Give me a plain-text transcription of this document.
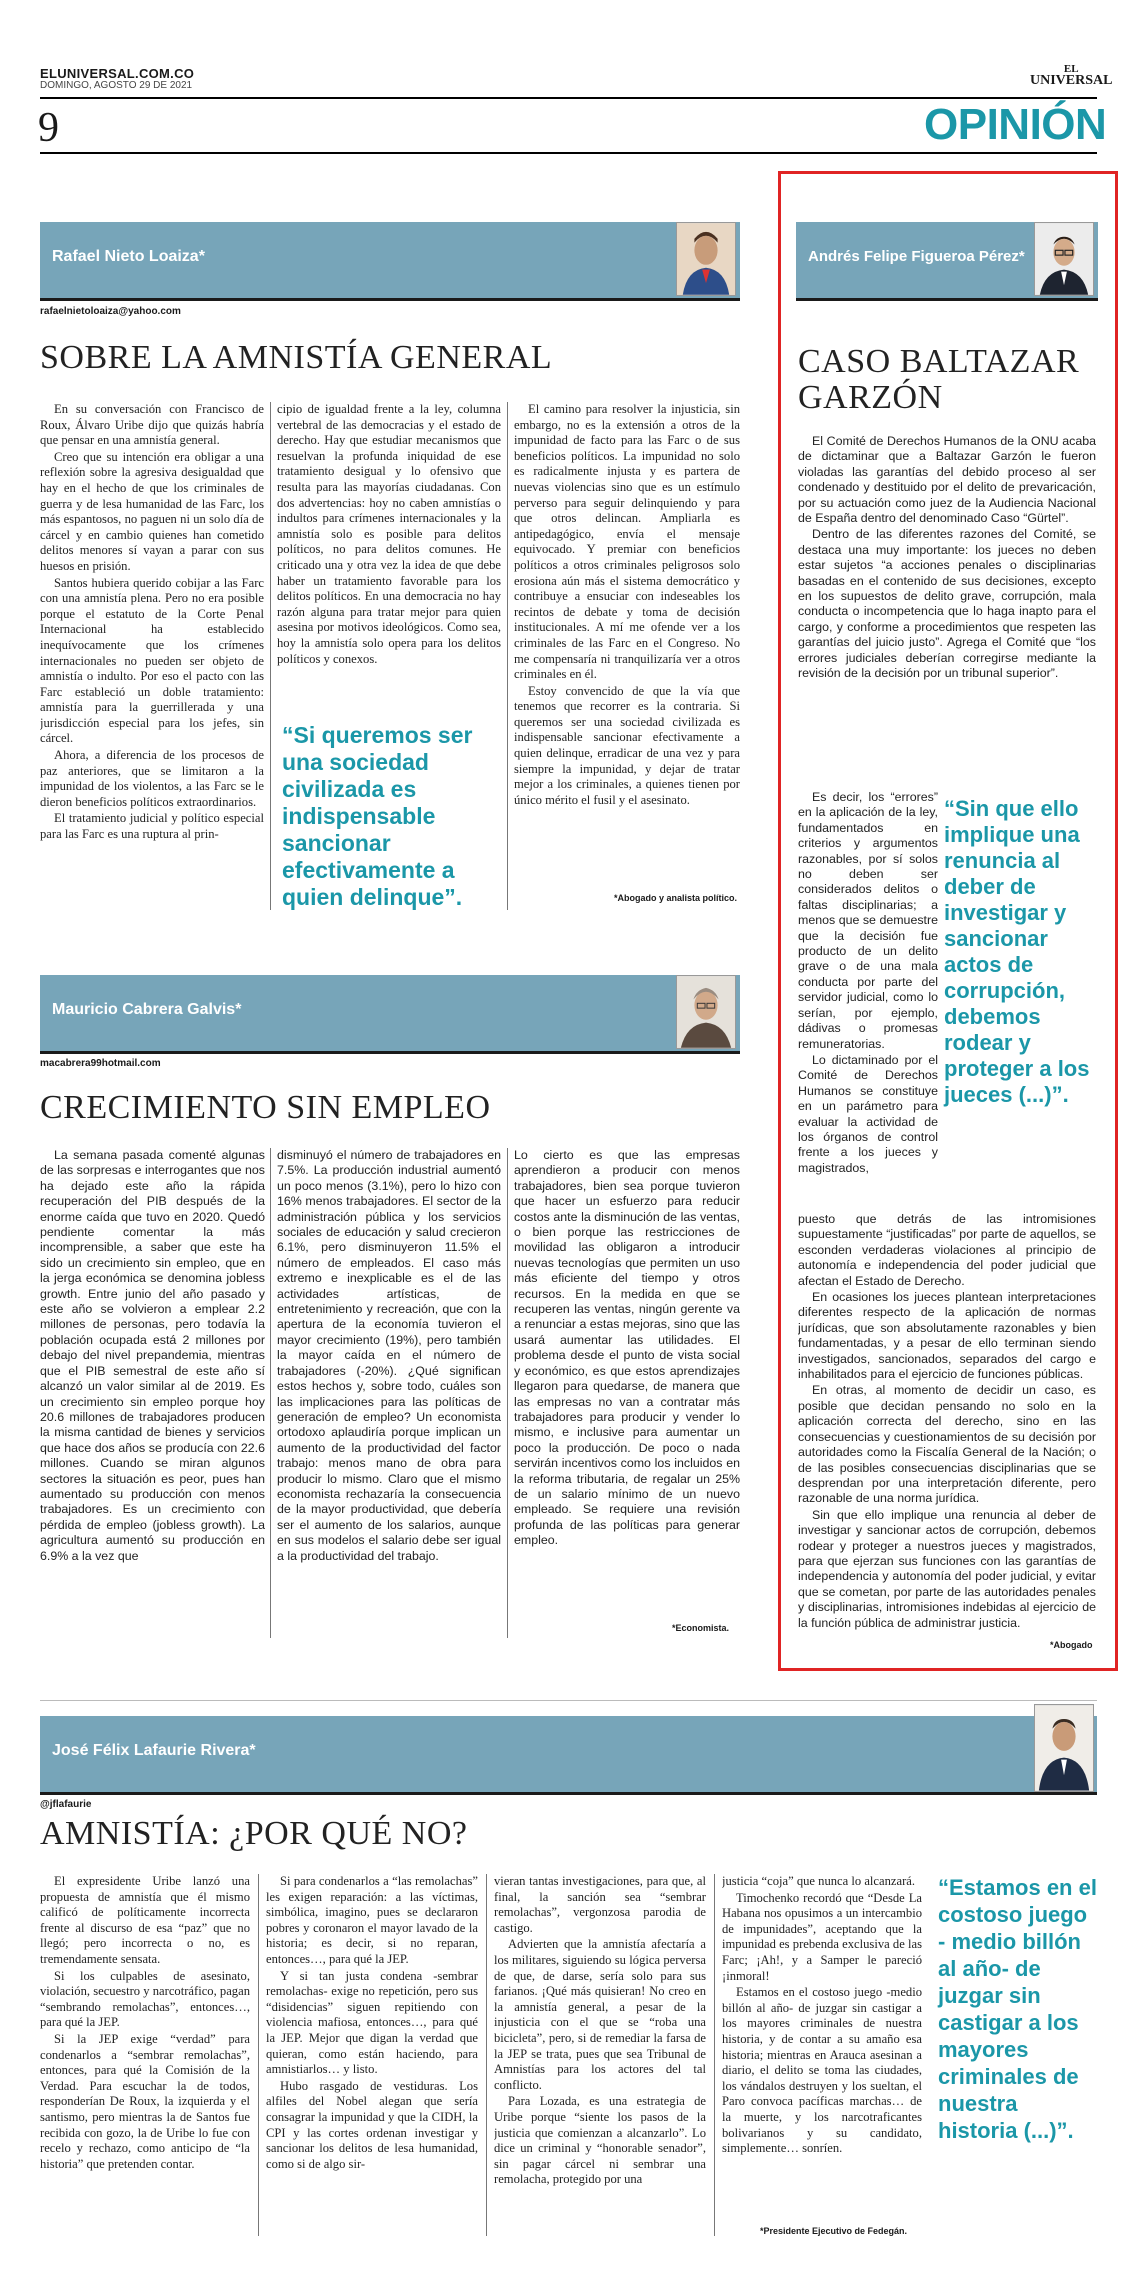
ELUNIVERSAL.COM.CO
DOMINGO, AGOSTO 29 DE 2021
EL
UNIVERSAL
9	OPINIÓN
Rafael Nieto Loaiza*
rafaelnietoloaiza@yahoo.com
SOBRE LA AMNISTÍA GENERAL

En su conversación con Francisco de Roux, Álvaro Uribe dijo que quizás habría que pensar en una amnistía general.

Creo que su intención era obligar a una reflexión sobre la agresiva desigualdad que hay en el hecho de que los criminales de guerra y de lesa humanidad de las Farc, los más espantosos, no paguen ni un solo día de cárcel y en cambio quienes han cometido delitos menores sí vayan a parar con sus huesos en prisión.

Santos hubiera querido cobijar a las Farc con una amnistía plena. Pero no era posible porque el estatuto de la Corte Penal Internacional ha establecido inequívocamente que los crímenes internacionales no pueden ser objeto de amnistía o indulto. Por eso el pacto con las Farc estableció un doble tratamiento: amnistía para la guerrillerada y una jurisdicción especial para los jefes, sin cárcel.

Ahora, a diferencia de los procesos de paz anteriores, que se limitaron a la impunidad de los violentos, a las Farc se le dieron beneficios políticos extraordinarios.

El tratamiento judicial y político especial para las Farc es una ruptura al prin-

cipio de igualdad frente a la ley, columna vertebral de las democracias y el estado de derecho. Hay que estudiar mecanismos que resuelvan la profunda iniquidad de ese tratamiento desigual y lo ofensivo que resulta para las mayorías ciudadanas. Con dos advertencias: hoy no caben amnistías o indultos para crímenes internacionales y la amnistía solo es posible para delitos políticos, no para delitos comunes. He criticado una y otra vez la idea de que debe haber un tratamiento favorable para los delitos políticos. En una democracia no hay razón alguna para tratar mejor para quien asesina por motivos ideológicos. Como sea, hoy la amnistía solo opera para los delitos políticos y conexos.

“Si queremos ser una sociedad civilizada es indispensable sancionar efectivamente a quien delinque”.

El camino para resolver la injusticia, sin embargo, no es la extensión a otros de la impunidad de facto para las Farc o de sus beneficios políticos. La impunidad no solo es radicalmente injusta y es partera de nuevas violencias sino que es un estímulo perverso para seguir delinquiendo y para que otros delincan. Ampliarla es antipedagógico, envía el mensaje equivocado. Y premiar con beneficios políticos a otros criminales peligrosos solo erosiona aún más el sistema democrático y contribuye a ensuciar con indeseables los recintos de debate y toma de decisión institucionales. A mí me ofende ver a los criminales de las Farc en el Congreso. No me compensaría ni tranquilizaría ver a otros criminales en él.

Estoy convencido de que la vía que tenemos que recorrer es la contraria. Si queremos ser una sociedad civilizada es indispensable sancionar efectivamente a quien delinque, erradicar de una vez y para siempre la impunidad, y dejar de tratar mejor a los criminales, a quienes tienen por único mérito el fusil y el asesinato.

*Abogado y analista político.
Mauricio Cabrera Galvis*
macabrera99hotmail.com
CRECIMIENTO SIN EMPLEO

La semana pasada comenté algunas de las sorpresas e interrogantes que nos ha dejado este año la rápida recuperación del PIB después de la enorme caída que tuvo en 2020. Quedó pendiente comentar la más incomprensible, a saber que este ha sido un crecimiento sin empleo, que en la jerga económica se denomina jobless growth. Entre junio del año pasado y este año se volvieron a emplear 2.2 millones de personas, pero todavía la población ocupada está 2 millones por debajo del nivel prepandemia, mientras que el PIB semestral de este año sí alcanzó un valor similar al de 2019. Es un crecimiento sin empleo porque hoy 20.6 millones de trabajadores producen la misma cantidad de bienes y servicios que hace dos años se producía con 22.6 millones. Cuando se miran algunos sectores la situación es peor, pues han aumentado su producción con menos trabajadores. Es un crecimiento con pérdida de empleo (jobless growth). La agricultura aumentó su producción en 6.9% a la vez que

disminuyó el número de trabajadores en 7.5%. La producción industrial aumentó un poco menos (3.1%), pero lo hizo con 16% menos trabajadores. El sector de la administración pública y los servicios sociales de educación y salud crecieron 6.1%, pero disminuyeron 11.5% el número de empleados. El caso más extremo e inexplicable es el de las actividades artísticas, de entretenimiento y recreación, que con la apertura de la economía tuvieron el mayor crecimiento (19%), pero también la mayor caída en el número de trabajadores (-20%). ¿Qué significan estos hechos y, sobre todo, cuáles son las implicaciones para las políticas de generación de empleo? Un economista ortodoxo aplaudiría porque implican un aumento de la productividad del factor trabajo: menos mano de obra para producir lo mismo. Claro que el mismo economista rechazaría la consecuencia de la mayor productividad, que debería ser el aumento de los salarios, aunque en sus modelos el salario debe ser igual a la productividad del trabajo.

Lo cierto es que las empresas aprendieron a producir con menos trabajadores, bien sea porque tuvieron que hacer un esfuerzo para reducir costos ante la disminución de las ventas, o bien porque las restricciones de movilidad las obligaron a introducir nuevas tecnologías que permiten un uso más eficiente del tiempo y otros recursos. En la medida en que se recuperen las ventas, ningún gerente va a renunciar a estas mejoras, sino que las usará aumentar las utilidades. El problema desde el punto de vista social y económico, es que estos aprendizajes llegaron para quedarse, de manera que las empresas no van a contratar más trabajadores para producir y vender lo mismo, e inclusive para aumentar un poco la producción. De poco o nada servirán incentivos como los incluidos en la reforma tributaria, de regalar un 25% de un salario mínimo de un nuevo empleado. Se requiere una revisión profunda de las políticas para generar empleo.

*Economista.
Andrés Felipe Figueroa Pérez*
CASO BALTAZAR
GARZÓN

El Comité de Derechos Humanos de la ONU acaba de dictaminar que a Baltazar Garzón le fueron violadas las garantías del debido proceso al ser condenado y destituido por el delito de prevaricación, por su actuación como juez de la Audiencia Nacional de España dentro del denominado Caso “Gürtel”.

Dentro de las diferentes razones del Comité, se destaca una muy importante: los jueces no deben estar sujetos “a acciones penales o disciplinarias basadas en el contenido de sus decisiones, excepto en los supuestos de delito grave, corrupción, mala conducta o incompetencia que lo haga inapto para el cargo, y conforme a procedimientos que respeten las garantías del juicio justo”. Agrega el Comité que “los errores judiciales deberían corregirse mediante la revisión de la decisión por un tribunal superior”.

Es decir, los “errores” en la aplicación de la ley, fundamentados en criterios y argumentos razonables, por sí solos no deben ser considerados delitos o faltas disciplinarias; a menos que se demuestre que la decisión fue producto de un delito grave o de una mala conducta por parte del servidor judicial, como lo serían, por ejemplo, dádivas o promesas remuneratorias.

Lo dictaminado por el Comité de Derechos Humanos se constituye en un parámetro para evaluar la actividad de los órganos de control frente a los jueces y magistrados,

“Sin que ello implique una renuncia al deber de investigar y sancionar actos de corrupción, debemos rodear y proteger a los jueces (...)”.

puesto que detrás de las intromisiones supuestamente “justificadas” por parte de aquellos, se esconden verdaderas violaciones al principio de autonomía e independencia del poder judicial que afectan el Estado de Derecho.

En ocasiones los jueces plantean interpretaciones diferentes respecto de la aplicación de normas jurídicas, que son absolutamente razonables y bien fundamentadas, y a pesar de ello terminan siendo investigados, sancionados, separados del cargo e inhabilitados para el ejercicio de funciones públicas.

En otras, al momento de decidir un caso, es posible que decidan pensando no solo en la aplicación correcta del derecho, sino en las consecuencias y cuestionamientos de su decisión por autoridades como la Fiscalía General de la Nación; o de las posibles consecuencias disciplinarias que se desprendan por una interpretación diferente, pero razonable de una norma jurídica.

Sin que ello implique una renuncia al deber de investigar y sancionar actos de corrupción, debemos rodear y proteger a nuestros jueces y magistrados, para que ejerzan sus funciones con las garantías de independencia y autonomía del poder judicial, y evitar que se cometan, por parte de las autoridades penales y disciplinarias, intromisiones indebidas al ejercicio de la función pública de administrar justicia.

*Abogado
José Félix Lafaurie Rivera*
@jflafaurie
AMNISTÍA: ¿POR QUÉ NO?

El expresidente Uribe lanzó una propuesta de amnistía que él mismo calificó de políticamente incorrecta frente al discurso de esa “paz” que no llegó; pero incorrecta o no, es tremendamente sensata.

Si los culpables de asesinato, violación, secuestro y narcotráfico, pagan “sembrando remolachas”, entonces…, para qué la JEP.

Si la JEP exige “verdad” para condenarlos a “sembrar remolachas”, entonces, para qué la Comisión de la Verdad. Para escuchar la de todos, responderían De Roux, la izquierda y el santismo, pero mientras la de Santos fue recibida con gozo, la de Uribe lo fue con recelo y rechazo, como anticipo de “la historia” que pretenden contar.

Si para condenarlos a “las remolachas” les exigen reparación: a las víctimas, simbólica, imagino, pues se declararon pobres y coronaron el mayor lavado de la historia; es decir, si no reparan, entonces…, para qué la JEP.

Y si tan justa condena -sembrar remolachas- exige no repetición, pero sus “disidencias” siguen repitiendo con violencia mafiosa, entonces…, para qué la JEP. Mejor que digan la verdad que quieran, como están haciendo, para amnistiarlos… y listo.

Hubo rasgado de vestiduras. Los alfiles del Nobel alegan que sería consagrar la impunidad y que la CIDH, la CPI y las cortes ordenan investigar y sancionar los delitos de lesa humanidad, como si de algo sir-

vieran tantas investigaciones, para que, al final, la sanción sea “sembrar remolachas”, vergonzosa parodia de castigo.

Advierten que la amnistía afectaría a los militares, siguiendo su lógica perversa de que, de darse, sería solo para sus farianos. ¡Qué más quisieran! No creo en la amnistía general, a pesar de la injusticia con el que se “roba una bicicleta”, pero, si de remediar la farsa de la JEP se trata, pues que sea Tribunal de Amnistías para los actores del tal conflicto.

Para Lozada, es una estrategia de Uribe porque “siente los pasos de la justicia que comienzan a alcanzarlo”. Lo dice un criminal y “honorable senador”, sin pagar cárcel ni sembrar una remolacha, protegido por una

justicia “coja” que nunca lo alcanzará.

Timochenko recordó que “Desde La Habana nos opusimos a un intercambio de impunidades”, aceptando que la impunidad es prebenda exclusiva de las Farc; ¡Ah!, y a Samper le pareció ¡inmoral!

Estamos en el costoso juego -medio billón al año- de juzgar sin castigar a los mayores criminales de nuestra historia, y de contar a su amaño esa historia; mientras en Arauca asesinan a diario, el delito se toma las ciudades, los vándalos destruyen y los sueltan, el Paro convoca pacíficas marchas… de la muerte, y los narcotraficantes bolivarianos y su candidato, simplemente… sonríen.

“Estamos en el costoso juego - medio billón al año- de juzgar sin castigar a los mayores criminales de nuestra historia (...)”.
*Presidente Ejecutivo de Fedegán.
